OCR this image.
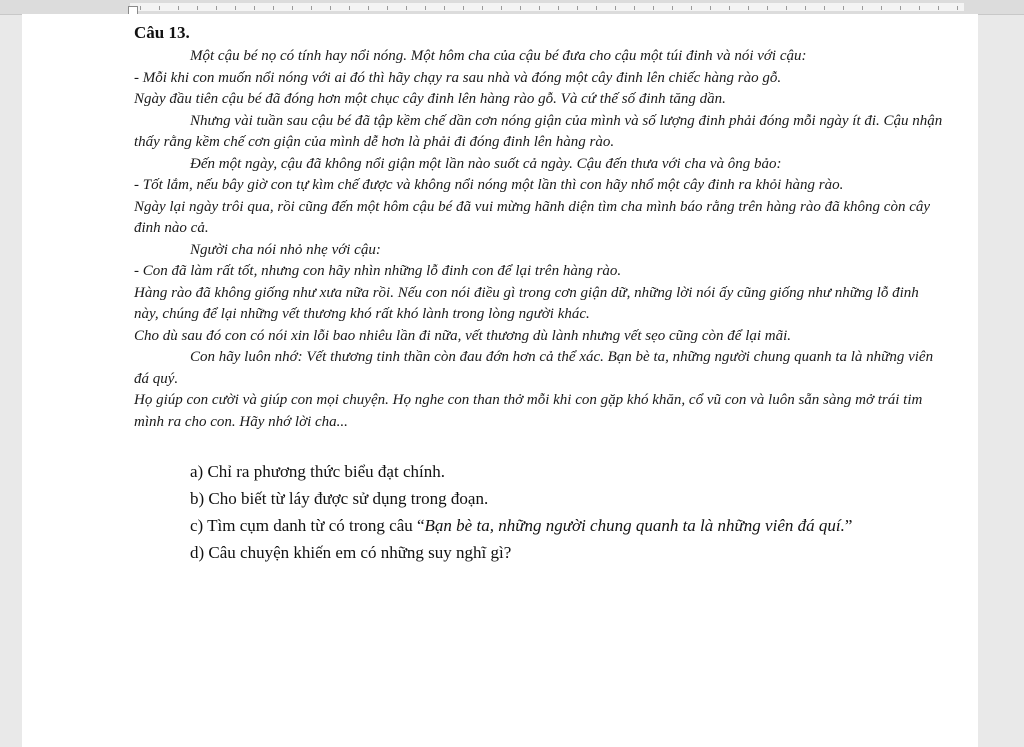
Câu 13.

Một cậu bé nọ có tính hay nổi nóng. Một hôm cha của cậu bé đưa cho cậu một túi đinh và nói với cậu:

- Mỗi khi con muốn nổi nóng với ai đó thì hãy chạy ra sau nhà và đóng một cây đinh lên chiếc hàng rào gỗ.

Ngày đầu tiên cậu bé đã đóng hơn một chục cây đinh lên hàng rào gỗ. Và cứ thế số đinh tăng dần.

Nhưng vài tuần sau cậu bé đã tập kềm chế dần cơn nóng giận của mình và số lượng đinh phải đóng mỗi ngày ít đi. Cậu nhận thấy rằng kềm chế cơn giận của mình dễ hơn là phải đi đóng đinh lên hàng rào.

Đến một ngày, cậu đã không nổi giận một lần nào suốt cả ngày. Cậu đến thưa với cha và ông bảo:

- Tốt lắm, nếu bây giờ con tự kìm chế được và không nổi nóng một lần thì con hãy nhổ một cây đinh ra khỏi hàng rào.

Ngày lại ngày trôi qua, rồi cũng đến một hôm cậu bé đã vui mừng hãnh diện tìm cha mình báo rằng trên hàng rào đã không còn cây đinh nào cả.

Người cha nói nhỏ nhẹ với cậu:

- Con đã làm rất tốt, nhưng con hãy nhìn những lỗ đinh con để lại trên hàng rào.

Hàng rào đã không giống như xưa nữa rồi. Nếu con nói điều gì trong cơn giận dữ, những lời nói ấy cũng giống như những lỗ đinh này, chúng để lại những vết thương khó rất khó lành trong lòng người khác.

Cho dù sau đó con có nói xin lỗi bao nhiêu lần đi nữa, vết thương dù lành nhưng vết sẹo cũng còn để lại mãi.

Con hãy luôn nhớ: Vết thương tinh thần còn đau đớn hơn cả thể xác. Bạn bè ta, những người chung quanh ta là những viên đá quý.

Họ giúp con cười và giúp con mọi chuyện. Họ nghe con than thở mỗi khi con gặp khó khăn, cổ vũ con và luôn sẵn sàng mở trái tim mình ra cho con. Hãy nhớ lời cha...

a) Chỉ ra phương thức biểu đạt chính.

b) Cho biết từ láy được sử dụng trong đoạn.

c) Tìm cụm danh từ có trong câu “Bạn bè ta, những người chung quanh ta là những viên đá quí.”

d) Câu chuyện khiến em có những suy nghĩ gì?
